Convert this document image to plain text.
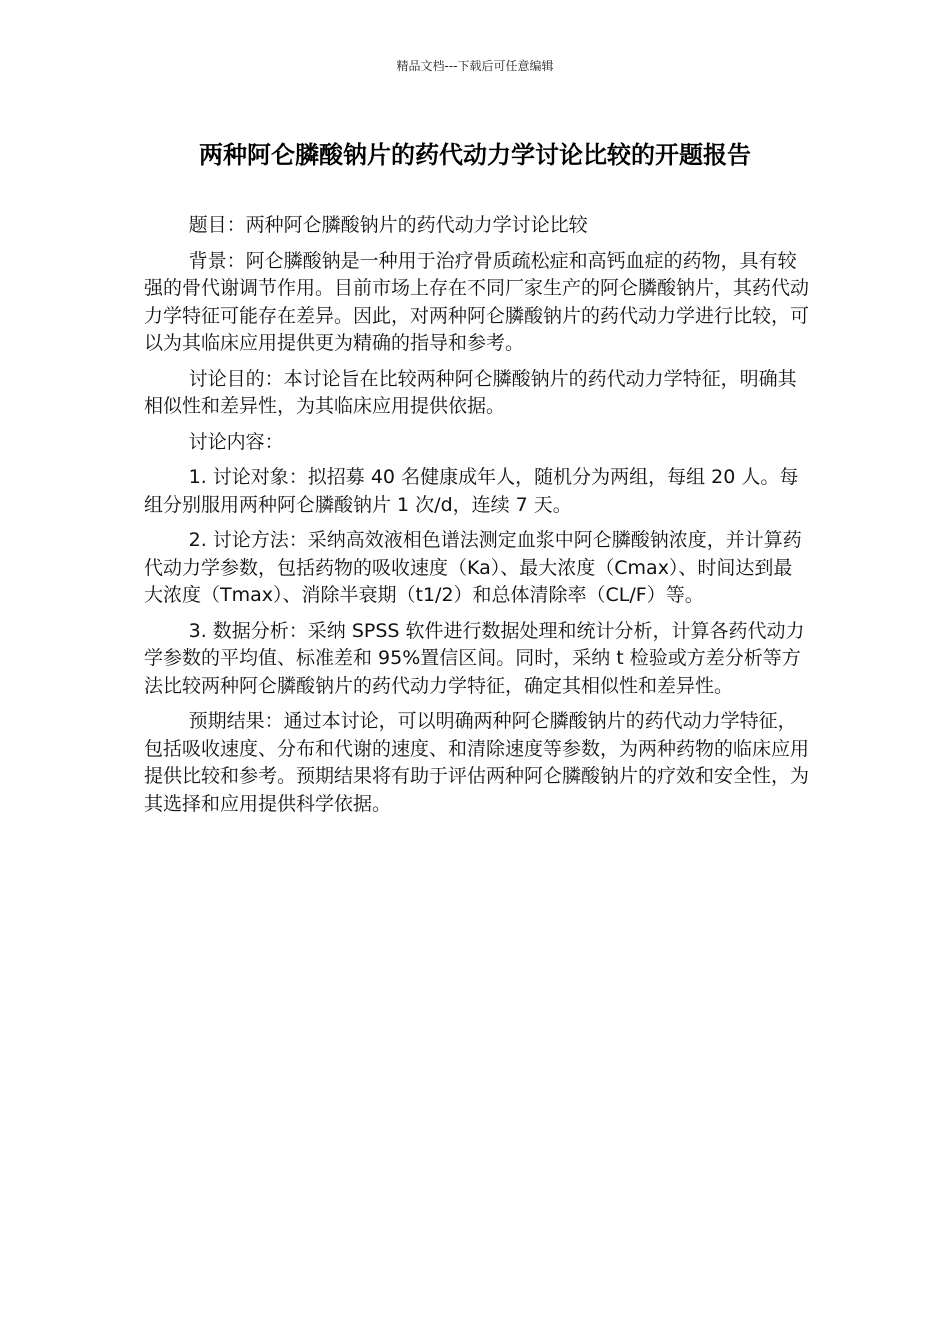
精品文档---下载后可任意编辑
两种阿仑膦酸钠片的药代动力学讨论比较的开题报告

题目：两种阿仑膦酸钠片的药代动力学讨论比较

背景：阿仑膦酸钠是一种用于治疗骨质疏松症和高钙血症的药物，具有较强的骨代谢调节作用。目前市场上存在不同厂家生产的阿仑膦酸钠片，其药代动力学特征可能存在差异。因此，对两种阿仑膦酸钠片的药代动力学进行比较，可以为其临床应用提供更为精确的指导和参考。

讨论目的：本讨论旨在比较两种阿仑膦酸钠片的药代动力学特征，明确其相似性和差异性，为其临床应用提供依据。

讨论内容：

1. 讨论对象：拟招募 40 名健康成年人，随机分为两组，每组 20 人。每组分别服用两种阿仑膦酸钠片 1 次/d，连续 7 天。

2. 讨论方法：采纳高效液相色谱法测定血浆中阿仑膦酸钠浓度，并计算药代动力学参数，包括药物的吸收速度（Ka）、最大浓度（Cmax）、时间达到最大浓度（Tmax）、消除半衰期（t1/2）和总体清除率（CL/F）等。

3. 数据分析：采纳 SPSS 软件进行数据处理和统计分析，计算各药代动力学参数的平均值、标准差和 95%置信区间。同时，采纳 t 检验或方差分析等方法比较两种阿仑膦酸钠片的药代动力学特征，确定其相似性和差异性。

预期结果：通过本讨论，可以明确两种阿仑膦酸钠片的药代动力学特征，包括吸收速度、分布和代谢的速度、和清除速度等参数，为两种药物的临床应用提供比较和参考。预期结果将有助于评估两种阿仑膦酸钠片的疗效和安全性，为其选择和应用提供科学依据。
